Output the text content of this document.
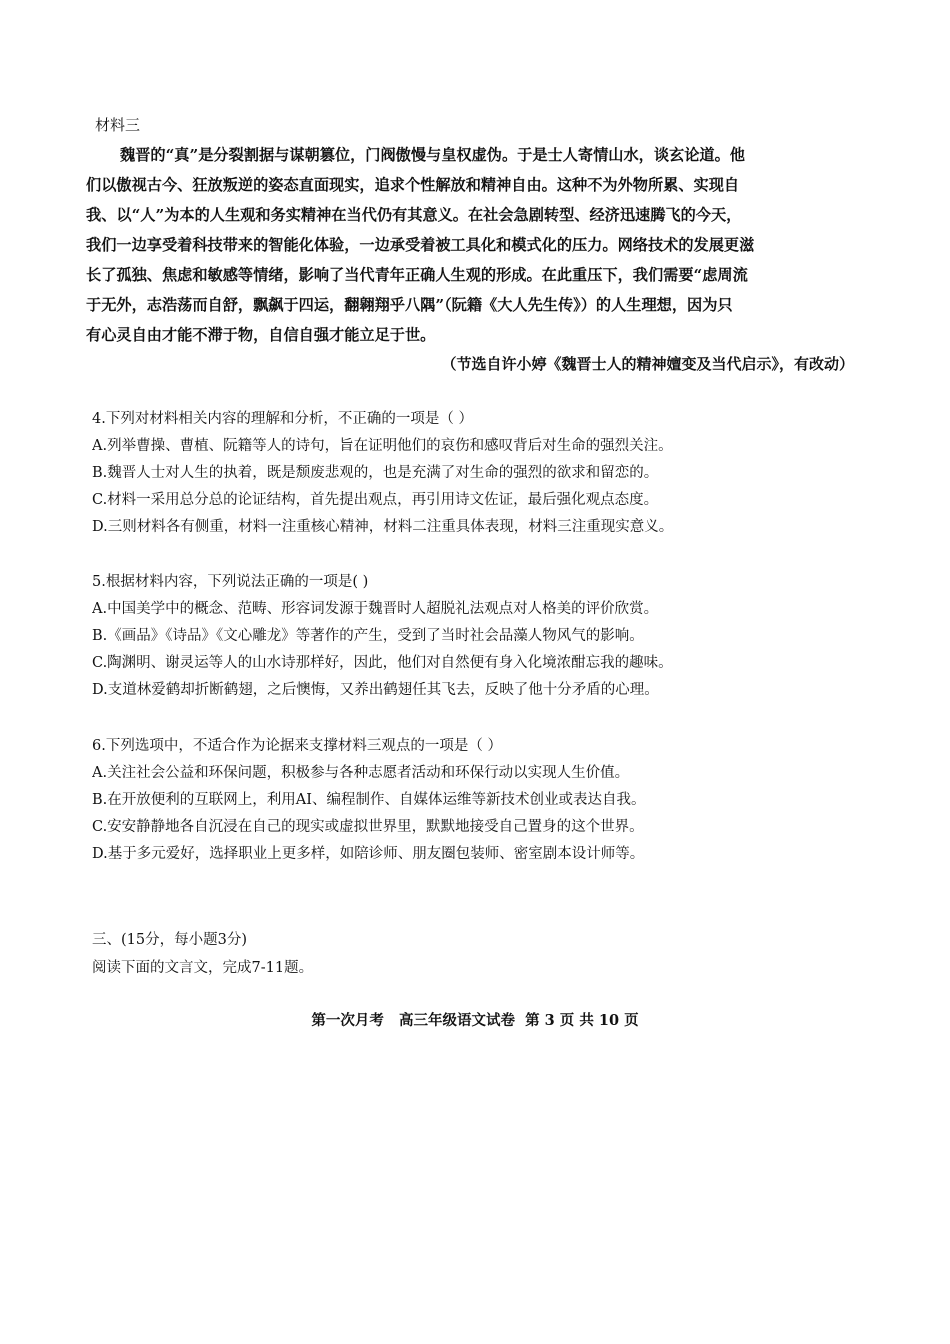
材料三
魏晋的“真”是分裂割据与谋朝篡位，门阀傲慢与皇权虚伪。于是士人寄情山水，谈玄论道。他
们以傲视古今、狂放叛逆的姿态直面现实，追求个性解放和精神自由。这种不为外物所累、实现自
我、以“人”为本的人生观和务实精神在当代仍有其意义。在社会急剧转型、经济迅速腾飞的今天，
我们一边享受着科技带来的智能化体验，一边承受着被工具化和模式化的压力。网络技术的发展更滋
长了孤独、焦虑和敏感等情绪，影响了当代青年正确人生观的形成。在此重压下，我们需要“虑周流
于无外，志浩荡而自舒，飘飙于四运，翻翱翔乎八隅”（阮籍《大人先生传》）的人生理想，因为只
有心灵自由才能不滞于物，自信自强才能立足于世。
（节选自许小婷《魏晋士人的精神嬗变及当代启示》，有改动）
4.下列对材料相关内容的理解和分析，不正确的一项是（ ）
A.列举曹操、曹植、阮籍等人的诗句，旨在证明他们的哀伤和感叹背后对生命的强烈关注。
B.魏晋人士对人生的执着，既是颓废悲观的，也是充满了对生命的强烈的欲求和留恋的。
C.材料一采用总分总的论证结构，首先提出观点，再引用诗文佐证，最后强化观点态度。
D.三则材料各有侧重，材料一注重核心精神，材料二注重具体表现，材料三注重现实意义。
5.根据材料内容，下列说法正确的一项是( )
A.中国美学中的概念、范畴、形容词发源于魏晋时人超脱礼法观点对人格美的评价欣赏。
B.《画品》《诗品》《文心雕龙》等著作的产生，受到了当时社会品藻人物风气的影响。
C.陶渊明、谢灵运等人的山水诗那样好，因此，他们对自然便有身入化境浓酣忘我的趣味。
D.支道林爱鹤却折断鹤翅，之后懊悔，又养出鹤翅任其飞去，反映了他十分矛盾的心理。
6.下列选项中，不适合作为论据来支撑材料三观点的一项是（ ）
A.关注社会公益和环保问题，积极参与各种志愿者活动和环保行动以实现人生价值。
B.在开放便利的互联网上，利用AI、编程制作、自媒体运维等新技术创业或表达自我。
C.安安静静地各自沉浸在自己的现实或虚拟世界里，默默地接受自己置身的这个世界。
D.基于多元爱好，选择职业上更多样，如陪诊师、朋友圈包装师、密室剧本设计师等。
三、(15分，每小题3分)
阅读下面的文言文，完成7-11题。
第一次月考   高三年级语文试卷  第 3 页 共 10 页
